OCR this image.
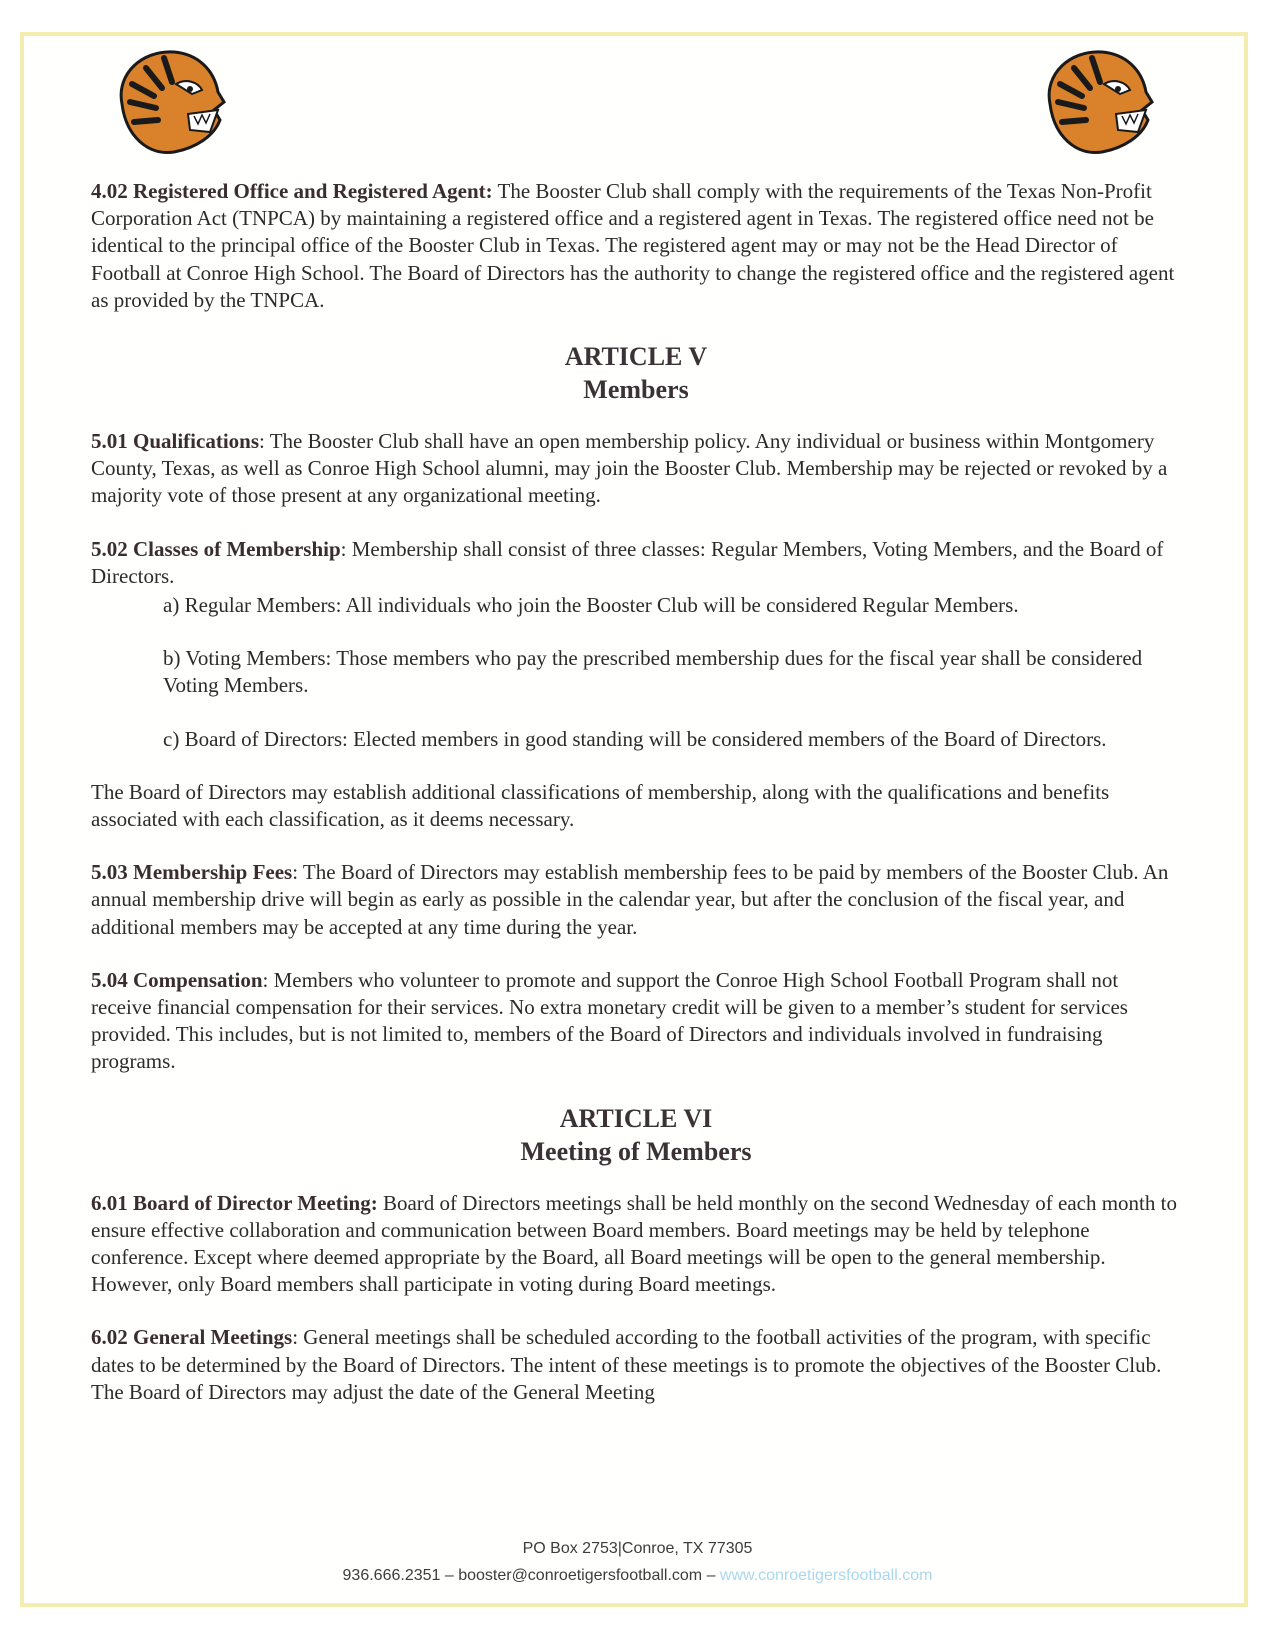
4.02 Registered Office and Registered Agent: The Booster Club shall comply with the requirements of the Texas Non-Profit Corporation Act (TNPCA) by maintaining a registered office and a registered agent in Texas. The registered office need not be identical to the principal office of the Booster Club in Texas. The registered agent may or may not be the Head Director of Football at Conroe High School. The Board of Directors has the authority to change the registered office and the registered agent as provided by the TNPCA.

ARTICLE V
Members

5.01 Qualifications: The Booster Club shall have an open membership policy. Any individual or business within Montgomery County, Texas, as well as Conroe High School alumni, may join the Booster Club. Membership may be rejected or revoked by a majority vote of those present at any organizational meeting.

5.02 Classes of Membership: Membership shall consist of three classes: Regular Members, Voting Members, and the Board of Directors.

a) Regular Members: All individuals who join the Booster Club will be considered Regular Members.

b) Voting Members: Those members who pay the prescribed membership dues for the fiscal year shall be considered Voting Members.

c) Board of Directors: Elected members in good standing will be considered members of the Board of Directors.

The Board of Directors may establish additional classifications of membership, along with the qualifications and benefits associated with each classification, as it deems necessary.

5.03 Membership Fees: The Board of Directors may establish membership fees to be paid by members of the Booster Club. An annual membership drive will begin as early as possible in the calendar year, but after the conclusion of the fiscal year, and additional members may be accepted at any time during the year.

5.04 Compensation: Members who volunteer to promote and support the Conroe High School Football Program shall not receive financial compensation for their services. No extra monetary credit will be given to a member’s student for services provided. This includes, but is not limited to, members of the Board of Directors and individuals involved in fundraising programs.

ARTICLE VI
Meeting of Members

6.01 Board of Director Meeting: Board of Directors meetings shall be held monthly on the second Wednesday of each month to ensure effective collaboration and communication between Board members. Board meetings may be held by telephone conference. Except where deemed appropriate by the Board, all Board meetings will be open to the general membership. However, only Board members shall participate in voting during Board meetings.

6.02 General Meetings: General meetings shall be scheduled according to the football activities of the program, with specific dates to be determined by the Board of Directors. The intent of these meetings is to promote the objectives of the Booster Club. The Board of Directors may adjust the date of the General Meeting

PO Box 2753|Conroe, TX 77305
936.666.2351 – booster@conroetigersfootball.com – www.conroetigersfootball.com
